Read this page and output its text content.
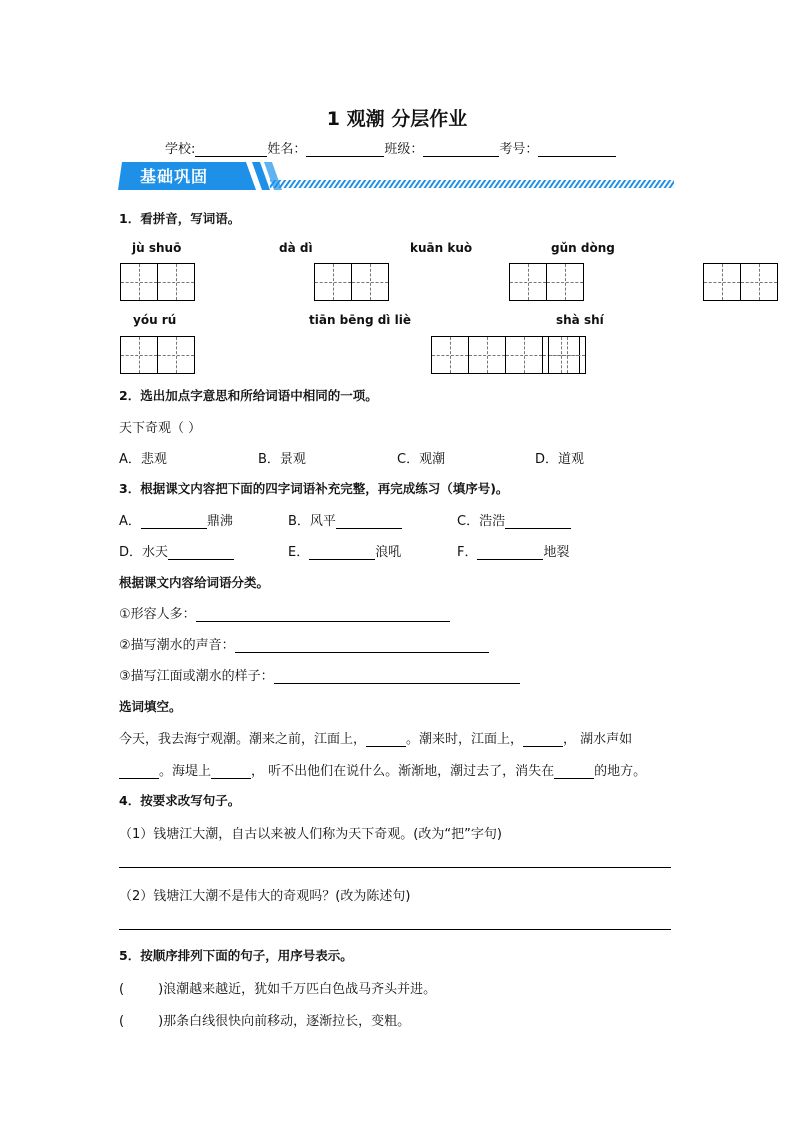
1 观潮 分层作业
学校:	姓名：	班级：	考号：
基础巩固
1．看拼音，写词语。
jù shuō	dà dì	kuān kuò	gǔn dòng
yóu rú	tiān bēng dì liè	shà shí
2．选出加点字意思和所给词语中相同的一项。
天下奇观（ ）
A．悲观	B．景观	C．观潮	D．道观
3．根据课文内容把下面的四字词语补充完整，再完成练习（填序号)。
A．	鼎沸	B．风平	C．浩浩
D．水天	E．	浪吼	F．	地裂
根据课文内容给词语分类。
①形容人多：
②描写潮水的声音：
③描写江面或潮水的样子：
选词填空。
今天，我去海宁观潮。潮来之前，江面上，	。潮来时，江面上，	， 湖水声如
。海堤上	， 听不出他们在说什么。渐渐地，潮过去了，消失在	的地方。
4．按要求改写句子。
（1）钱塘江大潮，自古以来被人们称为天下奇观。(改为“把”字句)
（2）钱塘江大潮不是伟大的奇观吗？(改为陈述句)
5．按顺序排列下面的句子，用序号表示。
(	)浪潮越来越近，犹如千万匹白色战马齐头并进。
(	)那条白线很快向前移动，逐渐拉长，变粗。
